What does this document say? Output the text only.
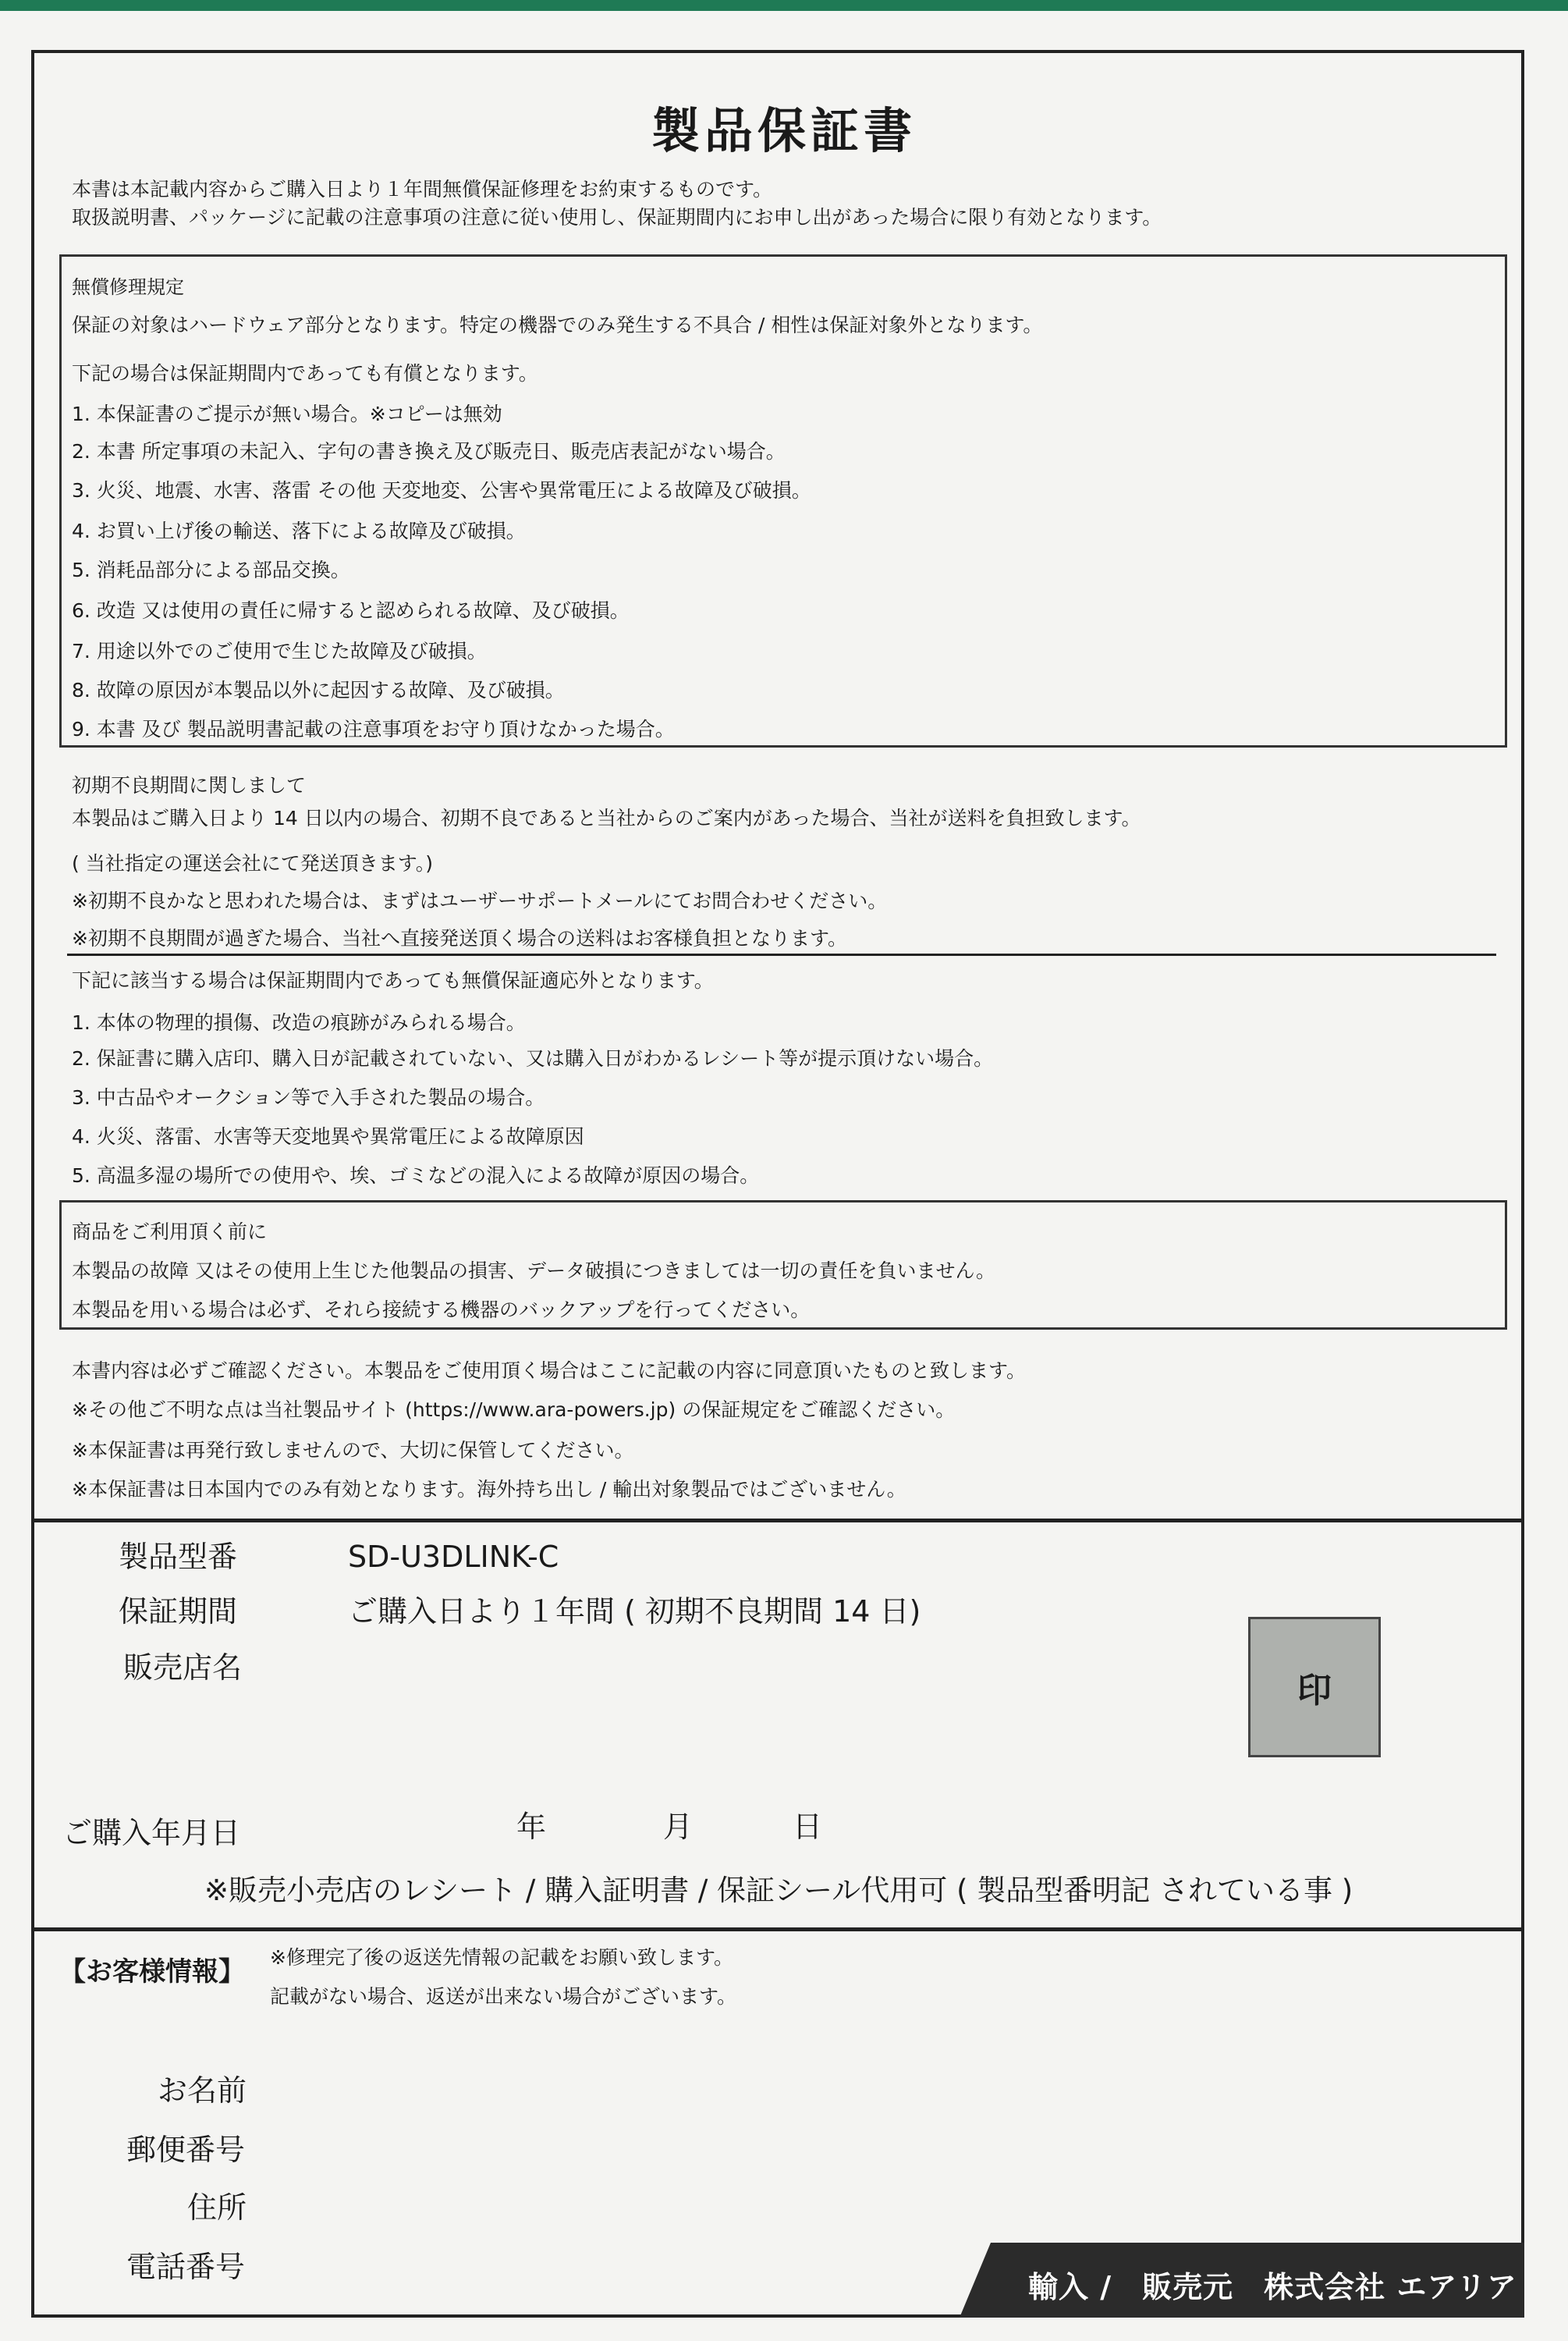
製品保証書
本書は本記載内容からご購入日より１年間無償保証修理をお約束するものです。
取扱説明書、パッケージに記載の注意事項の注意に従い使用し、保証期間内にお申し出があった場合に限り有効となります。
無償修理規定
保証の対象はハードウェア部分となります。特定の機器でのみ発生する不具合 / 相性は保証対象外となります。
下記の場合は保証期間内であっても有償となります。
1. 本保証書のご提示が無い場合。※コピーは無効
2. 本書 所定事項の未記入、字句の書き換え及び販売日、販売店表記がない場合。
3. 火災、地震、水害、落雷 その他 天変地変、公害や異常電圧による故障及び破損。
4. お買い上げ後の輸送、落下による故障及び破損。
5. 消耗品部分による部品交換。
6. 改造 又は使用の責任に帰すると認められる故障、及び破損。
7. 用途以外でのご使用で生じた故障及び破損。
8. 故障の原因が本製品以外に起因する故障、及び破損。
9. 本書 及び 製品説明書記載の注意事項をお守り頂けなかった場合。
初期不良期間に関しまして
本製品はご購入日より 14 日以内の場合、初期不良であると当社からのご案内があった場合、当社が送料を負担致します。
( 当社指定の運送会社にて発送頂きます。)
※初期不良かなと思われた場合は、まずはユーザーサポートメールにてお問合わせください。
※初期不良期間が過ぎた場合、当社へ直接発送頂く場合の送料はお客様負担となります。
下記に該当する場合は保証期間内であっても無償保証適応外となります。
1. 本体の物理的損傷、改造の痕跡がみられる場合。
2. 保証書に購入店印、購入日が記載されていない、又は購入日がわかるレシート等が提示頂けない場合。
3. 中古品やオークション等で入手された製品の場合。
4. 火災、落雷、水害等天変地異や異常電圧による故障原因
5. 高温多湿の場所での使用や、埃、ゴミなどの混入による故障が原因の場合。
商品をご利用頂く前に
本製品の故障 又はその使用上生じた他製品の損害、データ破損につきましては一切の責任を負いません。
本製品を用いる場合は必ず、それら接続する機器のバックアップを行ってください。
本書内容は必ずご確認ください。本製品をご使用頂く場合はここに記載の内容に同意頂いたものと致します。
※その他ご不明な点は当社製品サイト (https://www.ara-powers.jp) の保証規定をご確認ください。
※本保証書は再発行致しませんので、大切に保管してください。
※本保証書は日本国内でのみ有効となります。海外持ち出し / 輸出対象製品ではございません。
製品型番	SD-U3DLINK-C
保証期間	ご購入日より１年間 ( 初期不良期間 14 日)
販売店名
印
ご購入年月日	年	月	日
※販売小売店のレシート / 購入証明書 / 保証シール代用可 ( 製品型番明記 されている事 )
【お客様情報】 ※修理完了後の返送先情報の記載をお願い致します。
記載がない場合、返送が出来ない場合がございます。
お名前
郵便番号
住所
電話番号
輸入 /　販売元　株式会社 エアリア
